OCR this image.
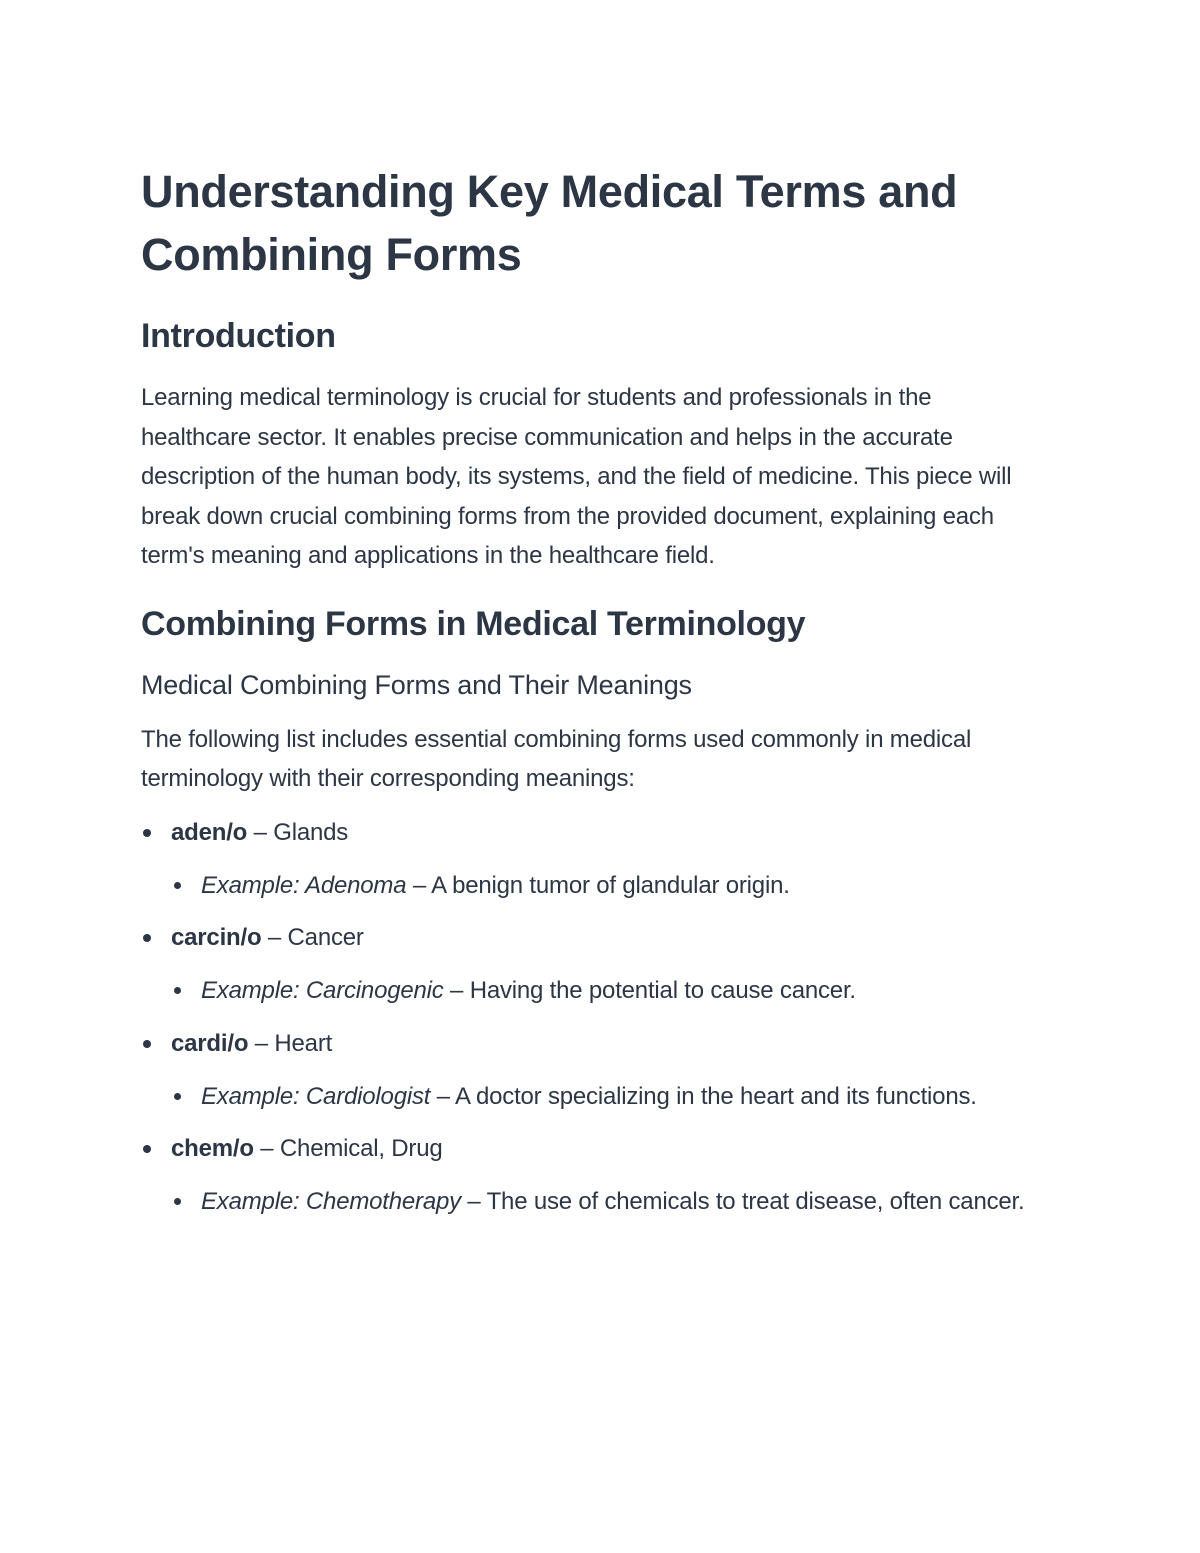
Understanding Key Medical Terms and Combining Forms
Introduction

Learning medical terminology is crucial for students and professionals in the healthcare sector. It enables precise communication and helps in the accurate description of the human body, its systems, and the field of medicine. This piece will break down crucial combining forms from the provided document, explaining each term's meaning and applications in the healthcare field.

Combining Forms in Medical Terminology
Medical Combining Forms and Their Meanings

The following list includes essential combining forms used commonly in medical terminology with their corresponding meanings:

aden/o – Glands
Example: Adenoma – A benign tumor of glandular origin.
carcin/o – Cancer
Example: Carcinogenic – Having the potential to cause cancer.
cardi/o – Heart
Example: Cardiologist – A doctor specializing in the heart and its functions.
chem/o – Chemical, Drug
Example: Chemotherapy – The use of chemicals to treat disease, often cancer.
